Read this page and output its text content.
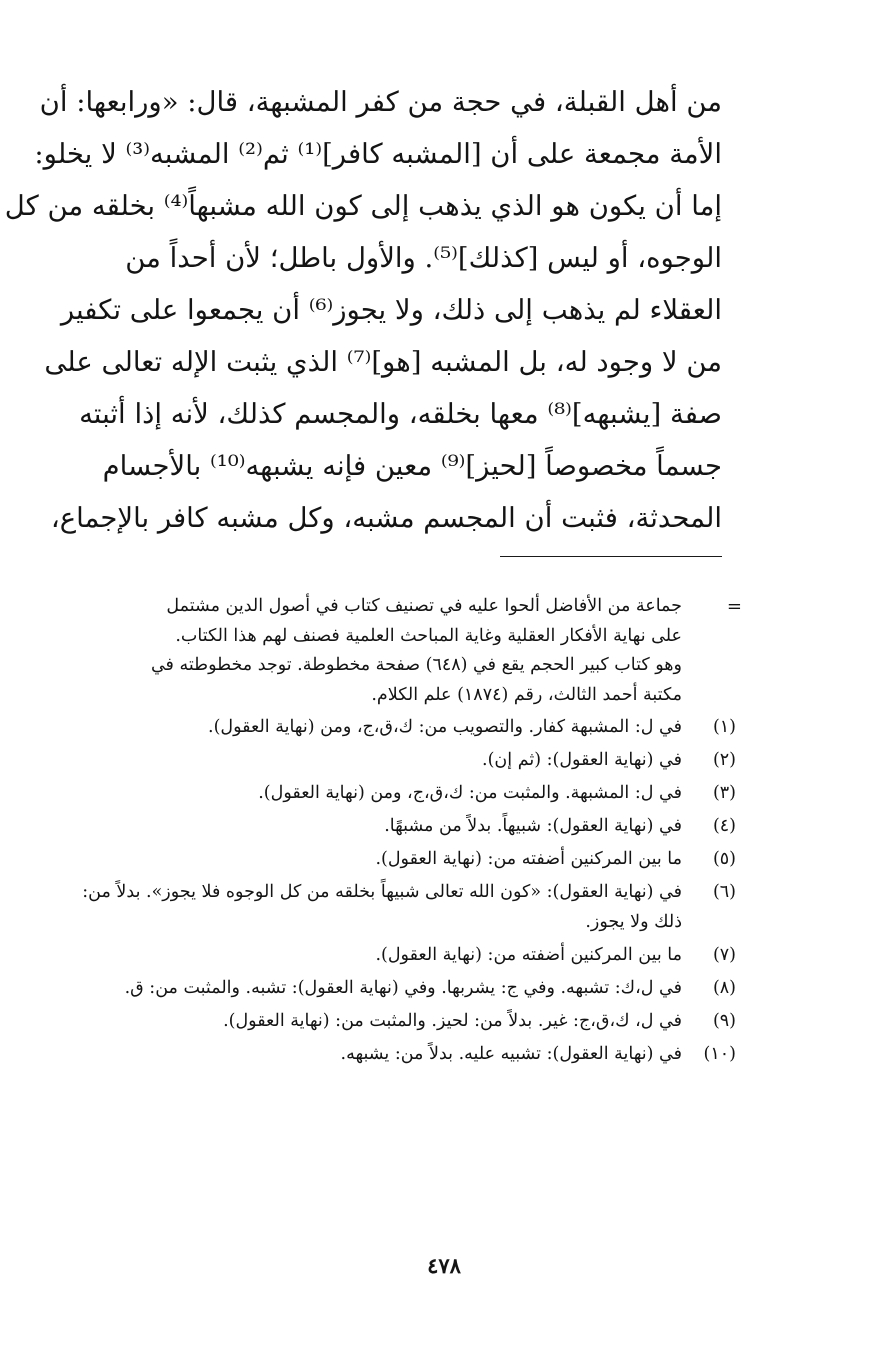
من أهل القبلة، في حجة من كفر المشبهة، قال: «ورابعها: أن
الأمة مجمعة على أن [المشبه كافر]⁽¹⁾ ثم⁽²⁾ المشبه⁽³⁾ لا يخلو:
إما أن يكون هو الذي يذهب إلى كون الله مشبهاً⁽⁴⁾ بخلقه من كل
الوجوه، أو ليس [كذلك]⁽⁵⁾. والأول باطل؛ لأن أحداً من
العقلاء لم يذهب إلى ذلك، ولا يجوز⁽⁶⁾ أن يجمعوا على تكفير
من لا وجود له، بل المشبه [هو]⁽⁷⁾ الذي يثبت الإله تعالى على
صفة [يشبهه]⁽⁸⁾ معها بخلقه، والمجسم كذلك، لأنه إذا أثبته
جسماً مخصوصاً [لحيز]⁽⁹⁾ معين فإنه يشبهه⁽¹⁰⁾ بالأجسام
المحدثة، فثبت أن المجسم مشبه، وكل مشبه كافر بالإجماع،
=
جماعة من الأفاضل ألحوا عليه في تصنيف كتاب في أصول الدين مشتمل
على نهاية الأفكار العقلية وغاية المباحث العلمية فصنف لهم هذا الكتاب.
وهو كتاب كبير الحجم يقع في (٦٤٨) صفحة مخطوطة. توجد مخطوطته في
مكتبة أحمد الثالث، رقم (١٨٧٤) علم الكلام.
(١)
في ل: المشبهة كفار. والتصويب من: ك،ق،ج، ومن (نهاية العقول).
(٢)
في (نهاية العقول): (ثم إن).
(٣)
في ل: المشبهة. والمثبت من: ك،ق،ج، ومن (نهاية العقول).
(٤)
في (نهاية العقول): شبيهاً. بدلاً من مشبهًا.
(٥)
ما بين المركنين أضفته من: (نهاية العقول).
(٦)
في (نهاية العقول): «كون الله تعالى شبيهاً بخلقه من كل الوجوه فلا يجوز». بدلاً من: ذلك ولا يجوز.
(٧)
ما بين المركنين أضفته من: (نهاية العقول).
(٨)
في ل،ك: تشبهه. وفي ج: يشربها. وفي (نهاية العقول): تشبه. والمثبت من: ق.
(٩)
في ل، ك،ق،ج: غير. بدلاً من: لحيز. والمثبت من: (نهاية العقول).
(١٠)
في (نهاية العقول): تشبيه عليه. بدلاً من: يشبهه.
٤٧٨
